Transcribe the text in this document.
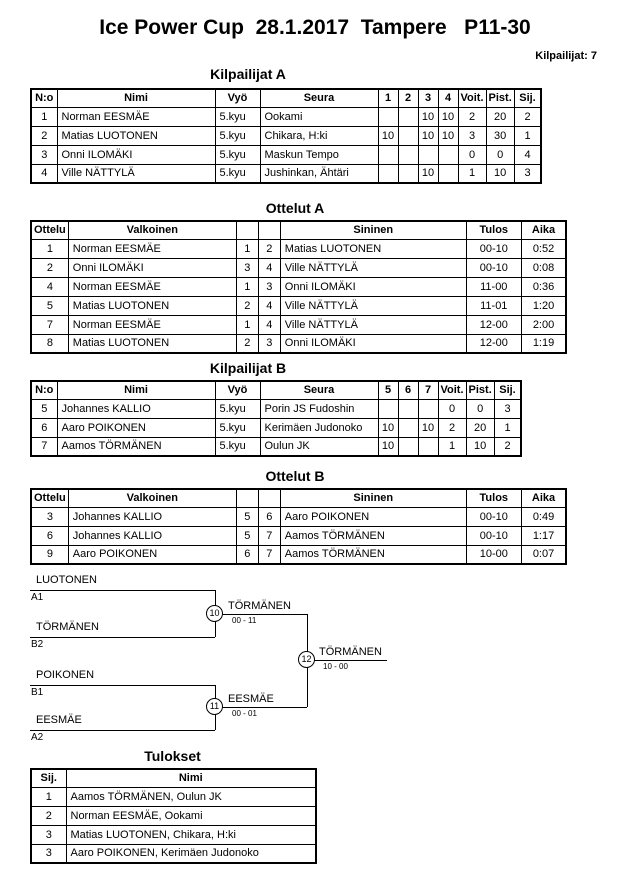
Ice Power Cup  28.1.2017  Tampere   P11-30
Kilpailijat: 7
Kilpailijat A
N:o	Nimi	Vyö	Seura	1	2	3	4	Voit.	Pist.	Sij.
1	Norman EESMÄE	5.kyu	Ookami			10	10	2	20	2
2	Matias LUOTONEN	5.kyu	Chikara, H:ki	10		10	10	3	30	1
3	Onni ILOMÄKI	5.kyu	Maskun Tempo					0	0	4
4	Ville NÄTTYLÄ	5.kyu	Jushinkan, Ähtäri			10		1	10	3
Ottelut A
Ottelu	Valkoinen			Sininen	Tulos	Aika
1	Norman EESMÄE	1	2	Matias LUOTONEN	00-10	0:52
2	Onni ILOMÄKI	3	4	Ville NÄTTYLÄ	00-10	0:08
4	Norman EESMÄE	1	3	Onni ILOMÄKI	11-00	0:36
5	Matias LUOTONEN	2	4	Ville NÄTTYLÄ	11-01	1:20
7	Norman EESMÄE	1	4	Ville NÄTTYLÄ	12-00	2:00
8	Matias LUOTONEN	2	3	Onni ILOMÄKI	12-00	1:19
Kilpailijat B
N:o	Nimi	Vyö	Seura	5	6	7	Voit.	Pist.	Sij.
5	Johannes KALLIO	5.kyu	Porin JS Fudoshin				0	0	3
6	Aaro POIKONEN	5.kyu	Kerimäen Judonoko	10		10	2	20	1
7	Aamos TÖRMÄNEN	5.kyu	Oulun JK	10			1	10	2
Ottelut B
Ottelu	Valkoinen			Sininen	Tulos	Aika
3	Johannes KALLIO	5	6	Aaro POIKONEN	00-10	0:49
6	Johannes KALLIO	5	7	Aamos TÖRMÄNEN	00-10	1:17
9	Aaro POIKONEN	6	7	Aamos TÖRMÄNEN	10-00	0:07
LUOTONEN
A1
TÖRMÄNEN
B2
POIKONEN
B1
EESMÄE
A2
TÖRMÄNEN
00 - 11
EESMÄE
00 - 01
TÖRMÄNEN
10 - 00
10
11
12
Tulokset
Sij.	Nimi
1	Aamos TÖRMÄNEN, Oulun JK
2	Norman EESMÄE, Ookami
3	Matias LUOTONEN, Chikara, H:ki
3	Aaro POIKONEN, Kerimäen Judonoko
